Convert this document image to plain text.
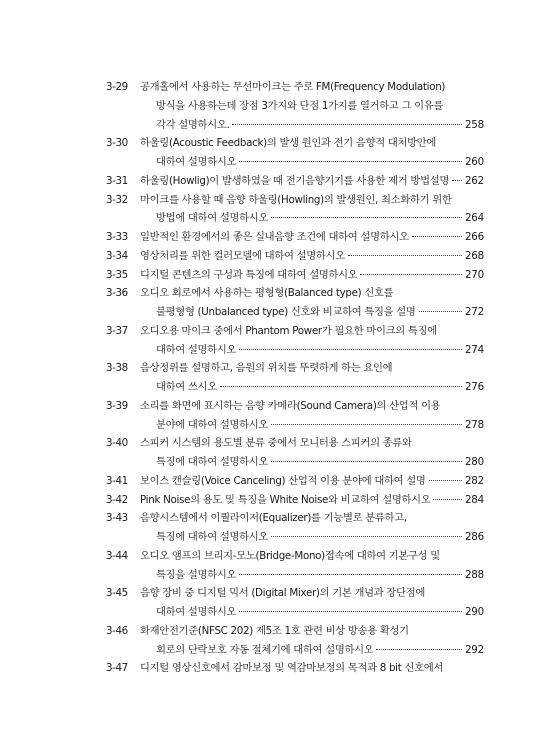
3-29	공개홀에서 사용하는 무선마이크는 주로 FM(Frequency Modulation)
방식을 사용하는데 장점 3가지와 단점 1가지를 열거하고 그 이유를
각각 설명하시오.	258
3-30	하울링(Acoustic Feedback)의 발생 원인과 전기 음향적 대처방안에
대하여 설명하시오	260
3-31	하울링(Howlig)이 발생하였을 때 전기음향기기를 사용한 제거 방법설명 262
3-32	마이크를 사용할 때 음향 하울링(Howling)의 발생원인, 최소화하기 위한
방법에 대하여 설명하시오	264
3-33	일반적인 환경에서의 좋은 실내음향 조건에 대하여 설명하시오	266
3-34	영상처리를 위한 컬러모델에 대하여 설명하시오	268
3-35	디지털 콘텐츠의 구성과 특징에 대하여 설명하시오	270
3-36	오디오 회로에서 사용하는 평형형(Balanced type) 신호를
불평형형 (Unbalanced type) 신호와 비교하여 특징을 설명	272
3-37	오디오용 마이크 중에서 Phantom Power가 필요한 마이크의 특징에
대하여 설명하시오	274
3-38	음상정위를 설명하고, 음원의 위치를 뚜렷하게 하는 요인에
대하여 쓰시오	276
3-39	소리를 화면에 표시하는 음향 카메라(Sound Camera)의 산업적 이용
분야에 대하여 설명하시오	278
3-40	스피커 시스템의 용도별 분류 중에서 모니터용 스피커의 종류와
특징에 대하여 설명하시오	280
3-41	보이스 캔슬링(Voice Canceling) 산업적 이용 분야에 대하여 설명	282
3-42	Pink Noise의 용도 및 특징을 White Noise와 비교하여 설명하시오	284
3-43	음향시스템에서 이퀄라이저(Equalizer)를 기능별로 분류하고,
특징에 대하여 설명하시오	286
3-44	오디오 앰프의 브리지-모노(Bridge-Mono)접속에 대하여 기본구성 및
특징을 설명하시오	288
3-45	음향 장비 중 디지털 믹서 (Digital Mixer)의 기본 개념과 장단점에
대하여 설명하시오	290
3-46	화재안전기준(NFSC 202) 제5조 1호 관련 비상 방송용 확성기
회로의 단락보호 자동 절체기에 대하여 설명하시오	292
3-47	디지털 영상신호에서 감마보정 및 역감마보정의 목적과 8 bit 신호에서
